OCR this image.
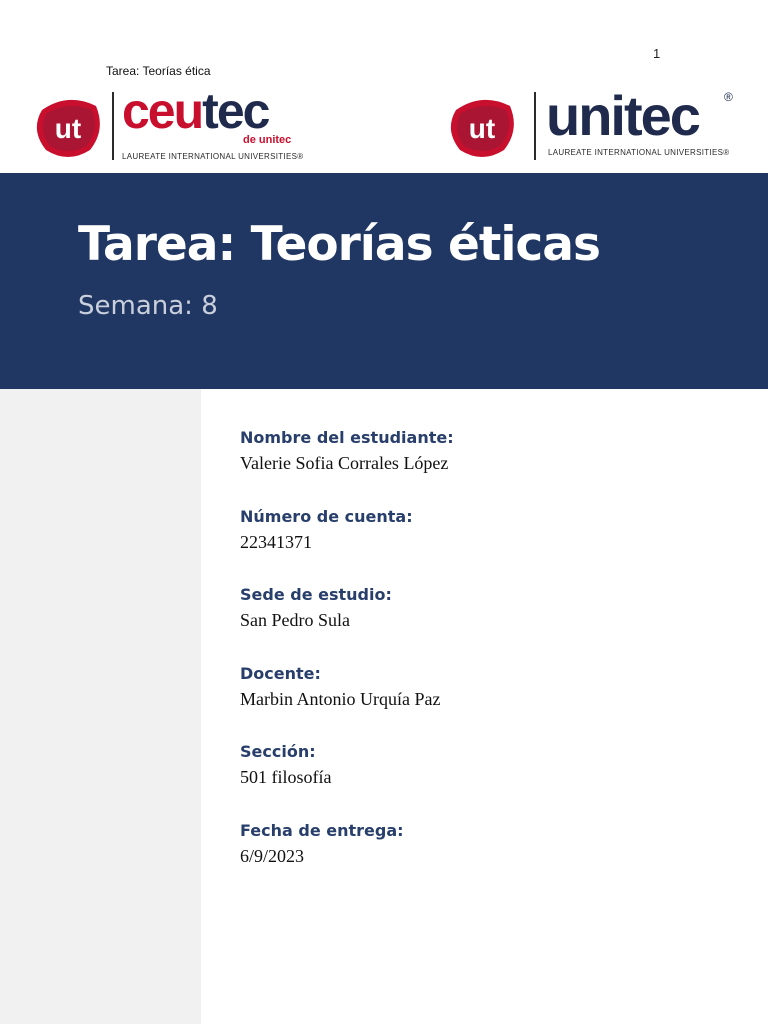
1
Tarea: Teorías ética
ut ceutec
de unitec
LAUREATE INTERNATIONAL UNIVERSITIES®
ut unitec ®
LAUREATE INTERNATIONAL UNIVERSITIES®
Tarea: Teorías éticas
Semana: 8
Nombre del estudiante:
Valerie Sofia Corrales López
Número de cuenta:
22341371
Sede de estudio:
San Pedro Sula
Docente:
Marbin Antonio Urquía Paz
Sección:
501 filosofía
Fecha de entrega:
6/9/2023
